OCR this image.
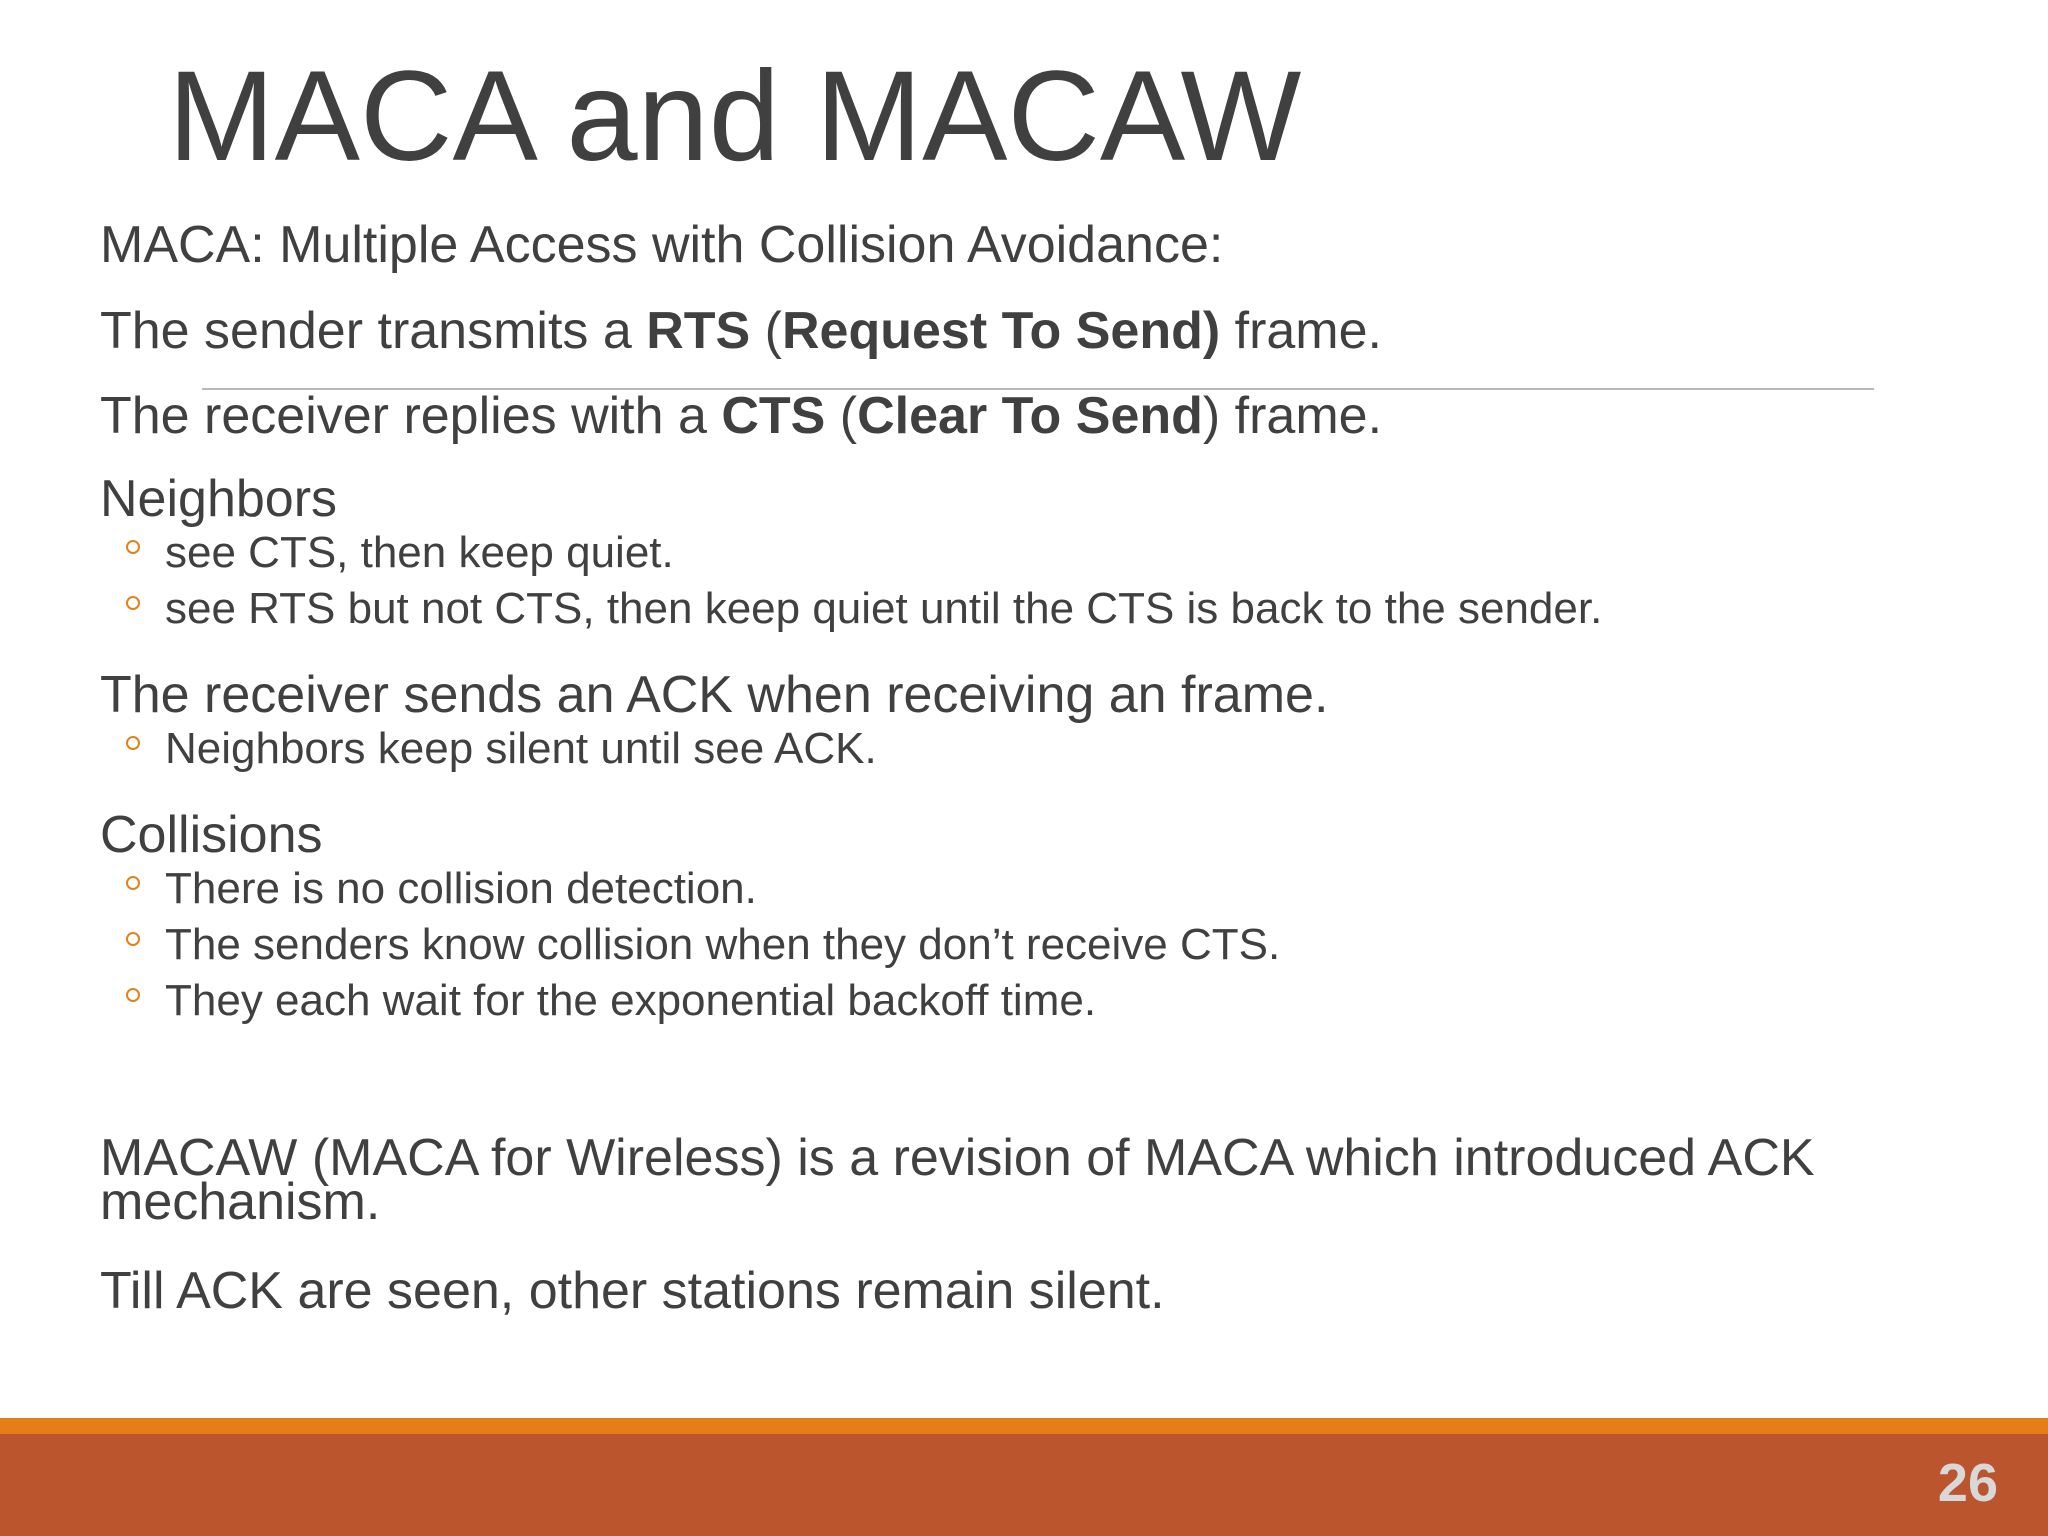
MACA and MACAW

MACA: Multiple Access with Collision Avoidance:

The sender transmits a RTS (Request To Send) frame.

The receiver replies with a CTS (Clear To Send) frame.

Neighbors

see CTS, then keep quiet.

see RTS but not CTS, then keep quiet until the CTS is back to the sender.

The receiver sends an ACK when receiving an frame.

Neighbors keep silent until see ACK.

Collisions

There is no collision detection.

The senders know collision when they don’t receive CTS.

They each wait for the exponential backoff time.

MACAW (MACA for Wireless) is a revision of MACA which introduced ACK mechanism.

Till ACK are seen, other stations remain silent.

26
